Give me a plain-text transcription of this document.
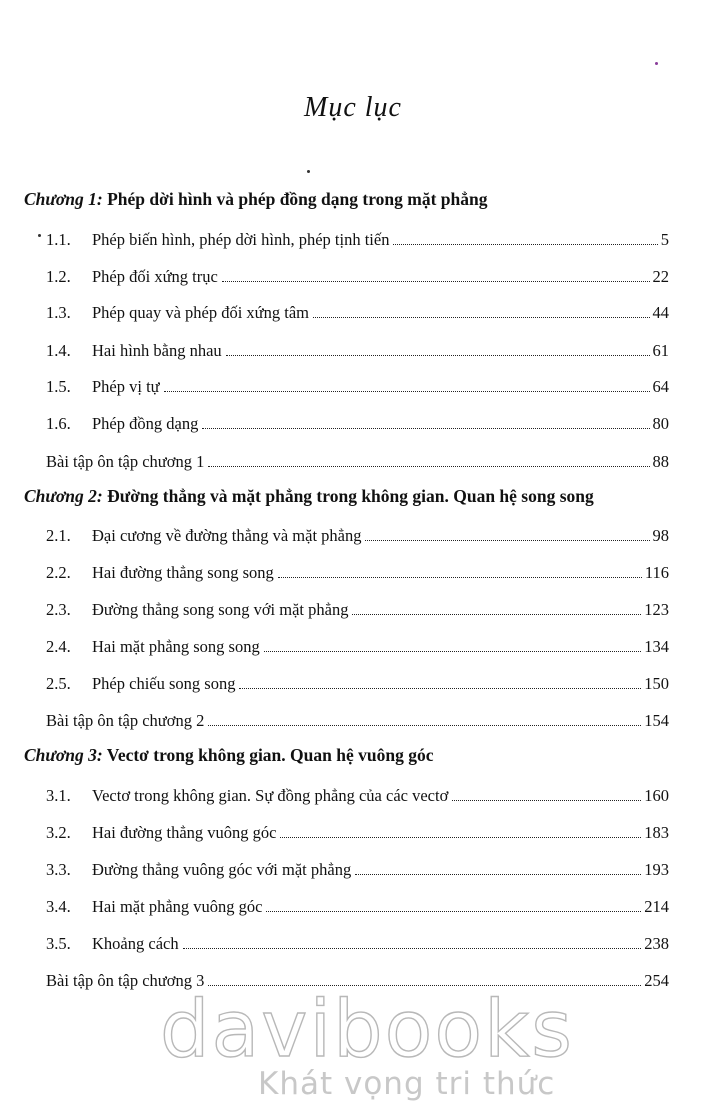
Mục lục
Chương 1: Phép dời hình và phép đồng dạng trong mặt phẳng
1.1.	Phép biến hình, phép dời hình, phép tịnh tiến	5
1.2.	Phép đối xứng trục	22
1.3.	Phép quay và phép đối xứng tâm	44
1.4.	Hai hình bằng nhau	61
1.5.	Phép vị tự	64
1.6.	Phép đồng dạng	80
Bài tập ôn tập chương 1	88
Chương 2: Đường thẳng và mặt phẳng trong không gian. Quan hệ song song
2.1.	Đại cương về đường thẳng và mặt phẳng	98
2.2.	Hai đường thẳng song song	116
2.3.	Đường thẳng song song với mặt phẳng	123
2.4.	Hai mặt phẳng song song	134
2.5.	Phép chiếu song song	150
Bài tập ôn tập chương 2	154
Chương 3: Vectơ trong không gian. Quan hệ vuông góc
3.1.	Vectơ trong không gian. Sự đồng phẳng của các vectơ	160
3.2.	Hai đường thẳng vuông góc	183
3.3.	Đường thẳng vuông góc với mặt phẳng	193
3.4.	Hai mặt phẳng vuông góc	214
3.5.	Khoảng cách	238
Bài tập ôn tập chương 3	254
davibooks
Khát vọng tri thức
